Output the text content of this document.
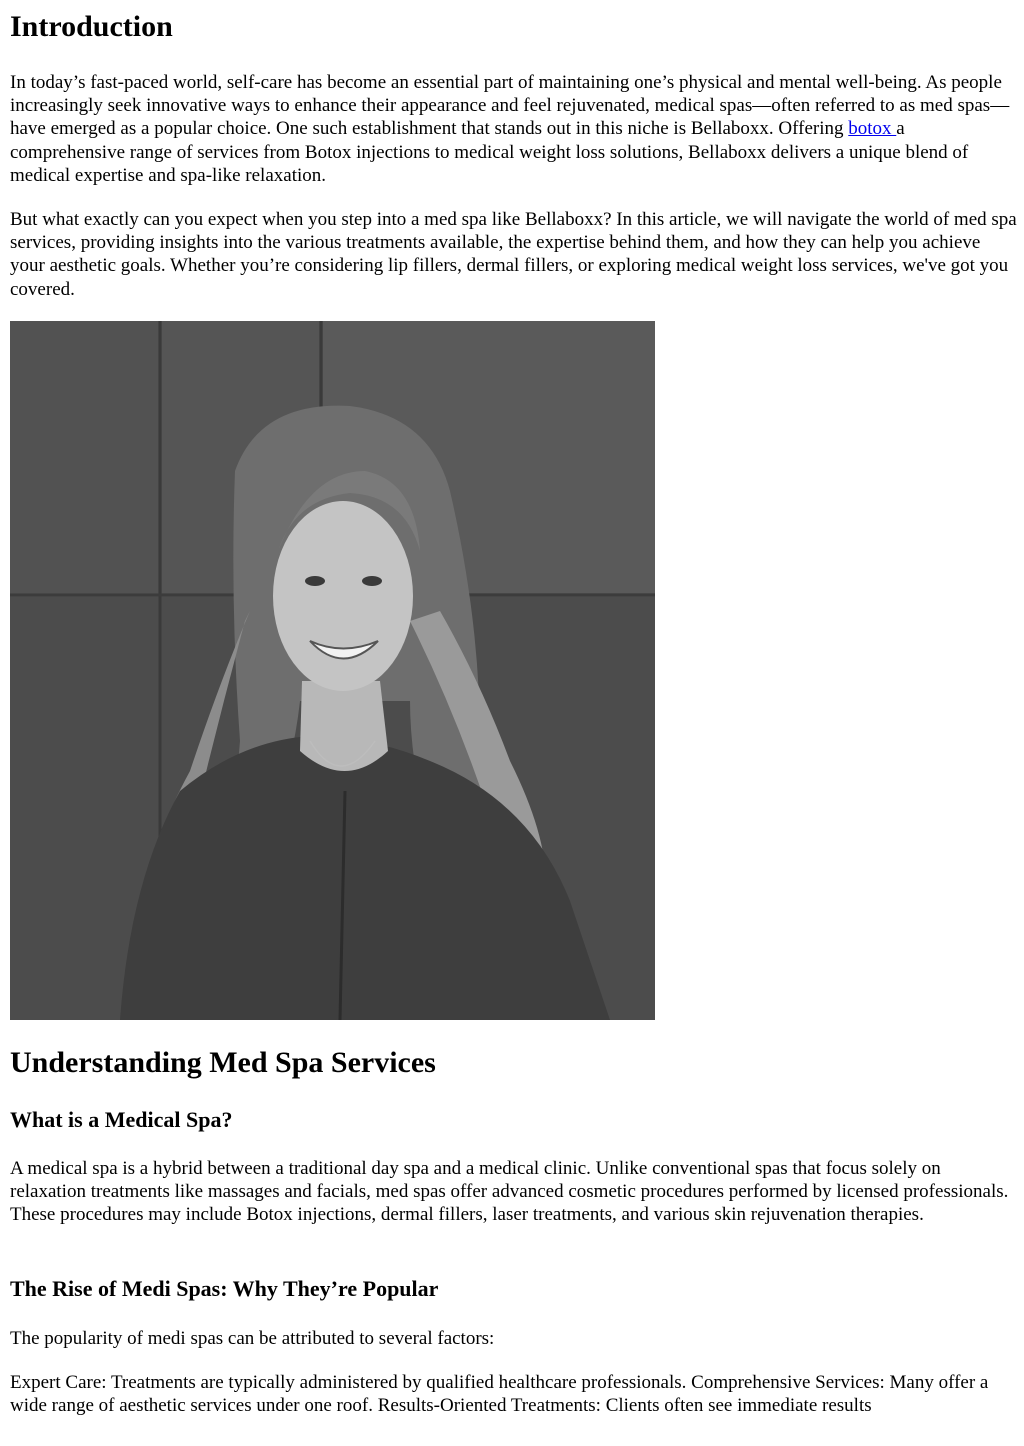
Introduction

In today’s fast-paced world, self-care has become an essential part of maintaining one’s physical and mental well-being. As people increasingly seek innovative ways to enhance their appearance and feel rejuvenated, medical spas—often referred to as med spas—have emerged as a popular choice. One such establishment that stands out in this niche is Bellaboxx. Offering botox a comprehensive range of services from Botox injections to medical weight loss solutions, Bellaboxx delivers a unique blend of medical expertise and spa-like relaxation.

But what exactly can you expect when you step into a med spa like Bellaboxx? In this article, we will navigate the world of med spa services, providing insights into the various treatments available, the expertise behind them, and how they can help you achieve your aesthetic goals. Whether you’re considering lip fillers, dermal fillers, or exploring medical weight loss services, we've got you covered.

Understanding Med Spa Services
What is a Medical Spa?

A medical spa is a hybrid between a traditional day spa and a medical clinic. Unlike conventional spas that focus solely on relaxation treatments like massages and facials, med spas offer advanced cosmetic procedures performed by licensed professionals. These procedures may include Botox injections, dermal fillers, laser treatments, and various skin rejuvenation therapies.

The Rise of Medi Spas: Why They’re Popular

The popularity of medi spas can be attributed to several factors:

Expert Care: Treatments are typically administered by qualified healthcare professionals. Comprehensive Services: Many offer a wide range of aesthetic services under one roof. Results-Oriented Treatments: Clients often see immediate results
